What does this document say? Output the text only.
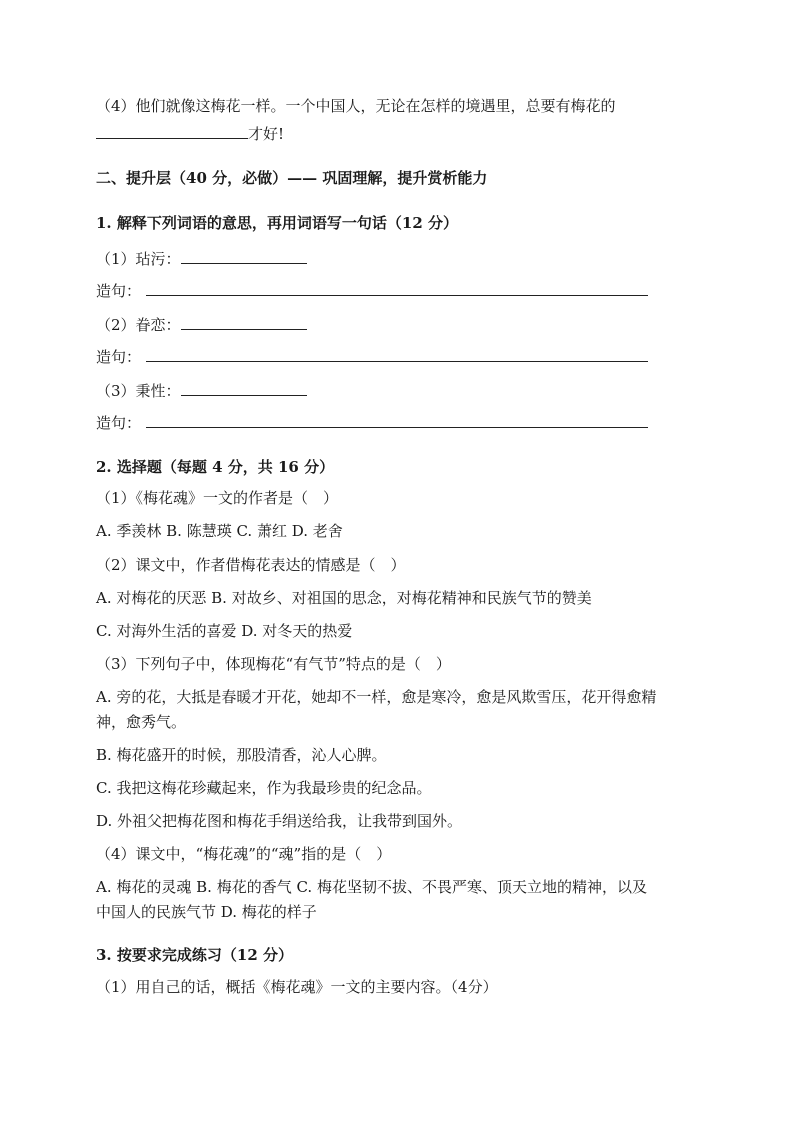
（4）他们就像这梅花一样。一个中国人，无论在怎样的境遇里，总要有梅花的
才好!
二、提升层（40 分，必做）—— 巩固理解，提升赏析能力
1. 解释下列词语的意思，再用词语写一句话（12 分）
（1）玷污：
造句：
（2）眷恋：
造句：
（3）秉性：
造句：
2. 选择题（每题 4 分，共 16 分）
（1）《梅花魂》一文的作者是（　）
A. 季羡林 B. 陈慧瑛 C. 萧红 D. 老舍
（2）课文中，作者借梅花表达的情感是（　）
A. 对梅花的厌恶 B. 对故乡、对祖国的思念，对梅花精神和民族气节的赞美
C. 对海外生活的喜爱 D. 对冬天的热爱
（3）下列句子中，体现梅花“有气节”特点的是（　）
A. 旁的花，大抵是春暖才开花，她却不一样，愈是寒冷，愈是风欺雪压，花开得愈精
神，愈秀气。
B. 梅花盛开的时候，那股清香，沁人心脾。
C. 我把这梅花珍藏起来，作为我最珍贵的纪念品。
D. 外祖父把梅花图和梅花手绢送给我，让我带到国外。
（4）课文中，“梅花魂”的“魂”指的是（　）
A. 梅花的灵魂 B. 梅花的香气 C. 梅花坚韧不拔、不畏严寒、顶天立地的精神，以及
中国人的民族气节 D. 梅花的样子
3. 按要求完成练习（12 分）
（1）用自己的话，概括《梅花魂》一文的主要内容。（4分）
